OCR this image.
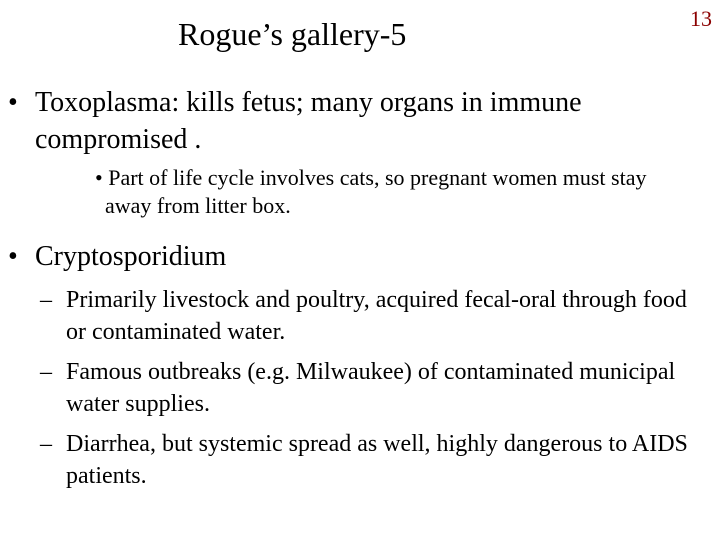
Rogue’s gallery-5	13
• Toxoplasma: kills fetus; many organs in immune compromised .
• Part of life cycle involves cats, so pregnant women must stay away from litter box.
• Cryptosporidium
– Primarily livestock and poultry, acquired fecal-oral through food or contaminated water.
– Famous outbreaks (e.g. Milwaukee) of contaminated municipal water supplies.
– Diarrhea, but systemic spread as well, highly dangerous to AIDS patients.
